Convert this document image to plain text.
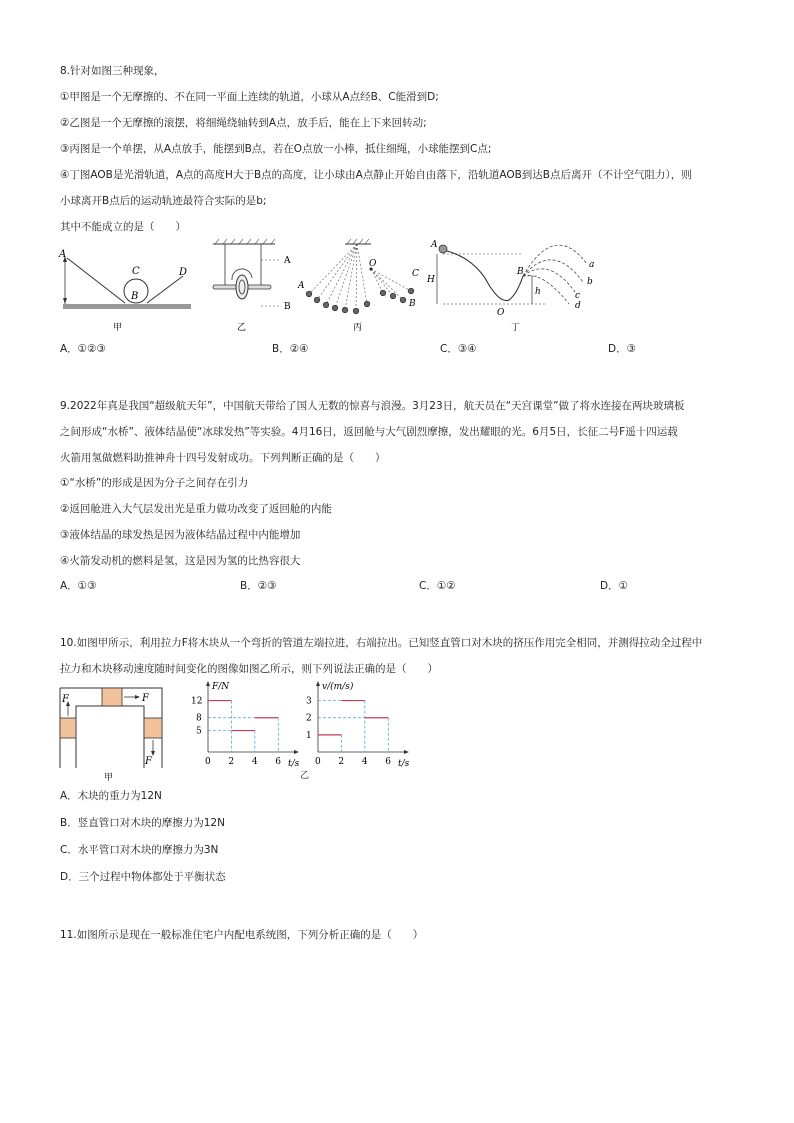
8.针对如图三种现象，
①甲图是一个无摩擦的、不在同一平面上连续的轨道，小球从A点经B、C能滑到D;
②乙图是一个无摩擦的滚摆，将细绳绕轴转到A点，放手后，能在上下来回转动;
③丙图是一个单摆，从A点放手，能摆到B点，若在O点放一小棒，抵住细绳，小球能摆到C点;
④丁图AOB是光滑轨道，A点的高度H大于B点的高度，让小球由A点静止开始自由落下，沿轨道AOB到达B点后离开（不计空气阻力），则
小球离开B点后的运动轨迹最符合实际的是b;
其中不能成立的是（　　）
A
C
B
D
甲
A
B
乙
O
A
C
B
丙
A
H
B
h
O
a
b
c
d
丁
A．①②③	B．②④	C．③④	D．③
9.2022年真是我国“超级航天年”，中国航天带给了国人无数的惊喜与浪漫。3月23日，航天员在“天宫课堂”做了将水连接在两块玻璃板
之间形成“水桥”、液体结晶使“冰球发热”等实验。4月16日，返回舱与大气剧烈摩擦，发出耀眼的光。6月5日，长征二号F遥十四运载
火箭用氢做燃料助推神舟十四号发射成功。下列判断正确的是（　　）
①“水桥”的形成是因为分子之间存在引力
②返回舱进入大气层发出光是重力做功改变了返回舱的内能
③液体结晶的球发热是因为液体结晶过程中内能增加
④火箭发动机的燃料是氢，这是因为氢的比热容很大
A．①③	B．②③	C．①②	D．①
10.如图甲所示，利用拉力F将木块从一个弯折的管道左端拉进，右端拉出。已知竖直管口对木块的挤压作用完全相同，并测得拉动全过程中
拉力和木块移动速度随时间变化的图像如图乙所示，则下列说法正确的是（　　）
F	F
F
甲
F/N
t/s
0 2 4 6
5
8
12
v/(m/s)
t/s
0 2 4 6
1
2
3
乙
A．木块的重力为12N
B．竖直管口对木块的摩擦力为12N
C．水平管口对木块的摩擦力为3N
D．三个过程中物体都处于平衡状态
11.如图所示是现在一般标准住宅户内配电系统图，下列分析正确的是（　　）
